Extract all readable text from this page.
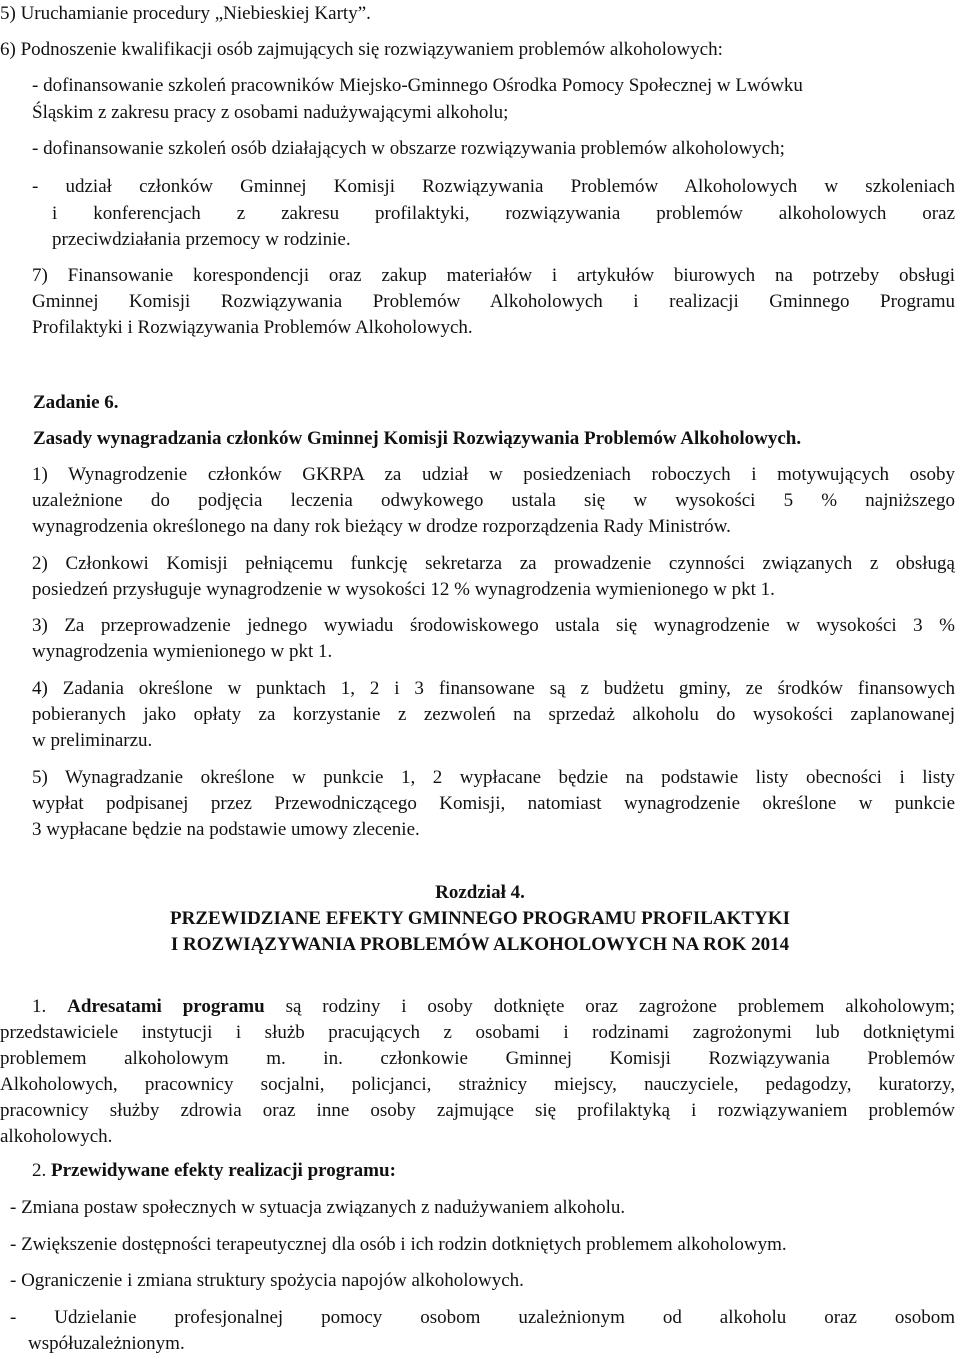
5) Uruchamianie procedury „Niebieskiej Karty”.
6) Podnoszenie kwalifikacji osób zajmujących się rozwiązywaniem problemów alkoholowych:
- dofinansowanie szkoleń pracowników Miejsko-Gminnego Ośrodka Pomocy Społecznej w Lwówku
Śląskim z zakresu pracy z osobami nadużywającymi alkoholu;
- dofinansowanie szkoleń osób działających w obszarze rozwiązywania problemów alkoholowych;
- udział członków Gminnej Komisji Rozwiązywania Problemów Alkoholowych w szkoleniach
i konferencjach z zakresu profilaktyki, rozwiązywania problemów alkoholowych oraz
przeciwdziałania przemocy w rodzinie.
7) Finansowanie korespondencji oraz zakup materiałów i artykułów biurowych na potrzeby obsługi
Gminnej Komisji Rozwiązywania Problemów Alkoholowych i realizacji Gminnego Programu
Profilaktyki i Rozwiązywania Problemów Alkoholowych.
Zadanie 6.
Zasady wynagradzania członków Gminnej Komisji Rozwiązywania Problemów Alkoholowych.
1) Wynagrodzenie członków GKRPA za udział w posiedzeniach roboczych i motywujących osoby
uzależnione do podjęcia leczenia odwykowego ustala się w wysokości 5 % najniższego
wynagrodzenia określonego na dany rok bieżący w drodze rozporządzenia Rady Ministrów.
2) Członkowi Komisji pełniącemu funkcję sekretarza za prowadzenie czynności związanych z obsługą
posiedzeń przysługuje wynagrodzenie w wysokości 12 % wynagrodzenia wymienionego w pkt 1.
3) Za przeprowadzenie jednego wywiadu środowiskowego ustala się wynagrodzenie w wysokości 3 %
wynagrodzenia wymienionego w pkt 1.
4) Zadania określone w punktach 1, 2 i 3 finansowane są z budżetu gminy, ze środków finansowych
pobieranych jako opłaty za korzystanie z zezwoleń na sprzedaż alkoholu do wysokości zaplanowanej
w preliminarzu.
5) Wynagradzanie określone w punkcie 1, 2 wypłacane będzie na podstawie listy obecności i listy
wypłat podpisanej przez Przewodniczącego Komisji, natomiast wynagrodzenie określone w punkcie
3 wypłacane będzie na podstawie umowy zlecenie.
Rozdział 4.
PRZEWIDZIANE EFEKTY GMINNEGO PROGRAMU PROFILAKTYKI
I ROZWIĄZYWANIA PROBLEMÓW ALKOHOLOWYCH NA ROK 2014
1. Adresatami programu są rodziny i osoby dotknięte oraz zagrożone problemem alkoholowym;
przedstawiciele instytucji i służb pracujących z osobami i rodzinami zagrożonymi lub dotkniętymi
problemem alkoholowym m. in. członkowie Gminnej Komisji Rozwiązywania Problemów
Alkoholowych, pracownicy socjalni, policjanci, strażnicy miejscy, nauczyciele, pedagodzy, kuratorzy,
pracownicy służby zdrowia oraz inne osoby zajmujące się profilaktyką i rozwiązywaniem problemów
alkoholowych.
2. Przewidywane efekty realizacji programu:
- Zmiana postaw społecznych w sytuacja związanych z nadużywaniem alkoholu.
- Zwiększenie dostępności terapeutycznej dla osób i ich rodzin dotkniętych problemem alkoholowym.
- Ograniczenie i zmiana struktury spożycia napojów alkoholowych.
- Udzielanie profesjonalnej pomocy osobom uzależnionym od alkoholu oraz osobom
współuzależnionym.
